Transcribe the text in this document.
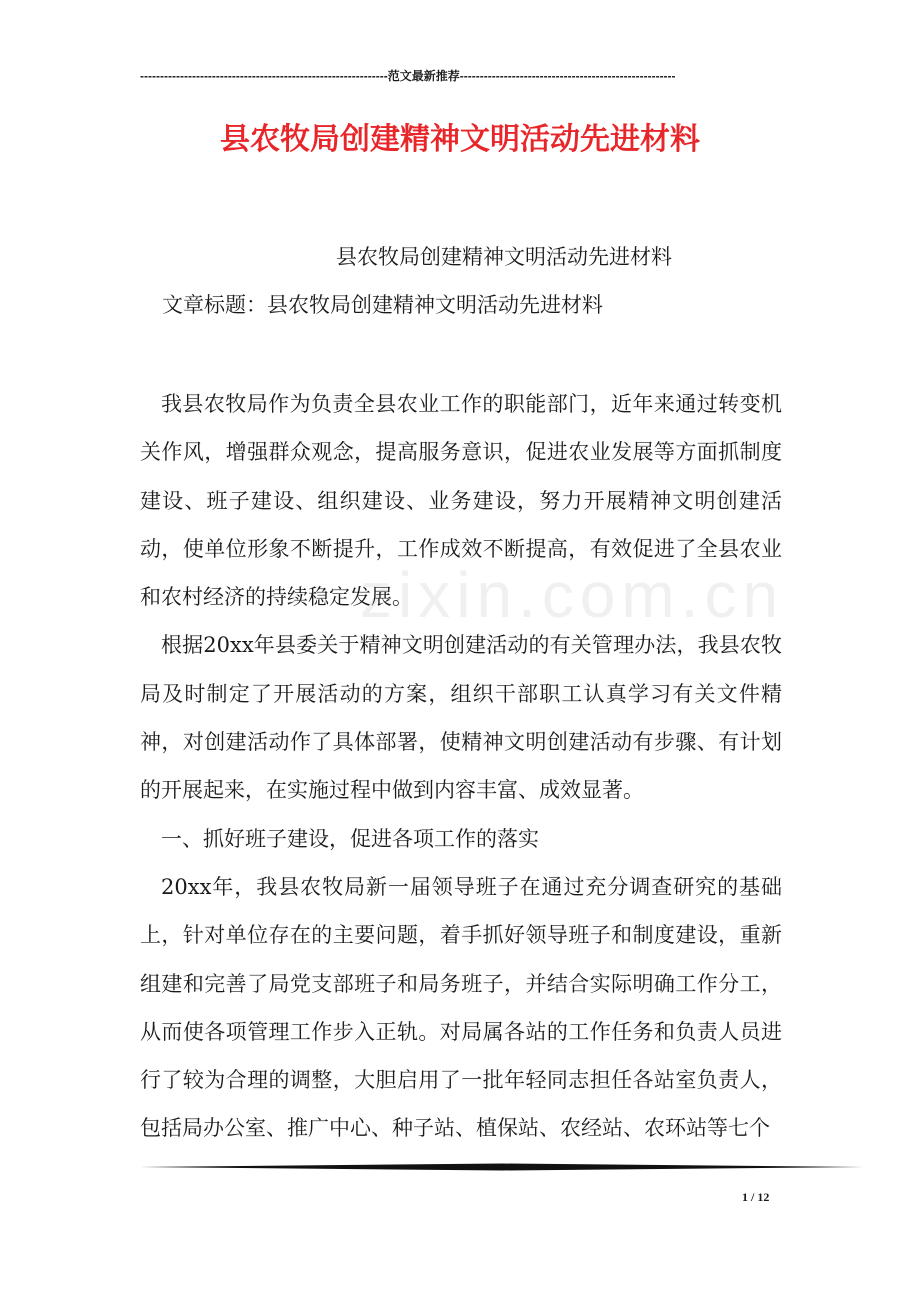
--------------------------------------------------------------范文最新推荐------------------------------------------------------
县农牧局创建精神文明活动先进材料
县农牧局创建精神文明活动先进材料
文章标题：县农牧局创建精神文明活动先进材料
zixin.com.cn

我县农牧局作为负责全县农业工作的职能部门，近年来通过转变机关作风，增强群众观念，提高服务意识，促进农业发展等方面抓制度建设、班子建设、组织建设、业务建设，努力开展精神文明创建活动，使单位形象不断提升，工作成效不断提高，有效促进了全县农业和农村经济的持续稳定发展。

根据20xx年县委关于精神文明创建活动的有关管理办法，我县农牧局及时制定了开展活动的方案，组织干部职工认真学习有关文件精神，对创建活动作了具体部署，使精神文明创建活动有步骤、有计划的开展起来，在实施过程中做到内容丰富、成效显著。

一、抓好班子建设，促进各项工作的落实

20xx年，我县农牧局新一届领导班子在通过充分调查研究的基础上，针对单位存在的主要问题，着手抓好领导班子和制度建设，重新组建和完善了局党支部班子和局务班子，并结合实际明确工作分工，从而使各项管理工作步入正轨。对局属各站的工作任务和负责人员进行了较为合理的调整，大胆启用了一批年轻同志担任各站室负责人，包括局办公室、推广中心、种子站、植保站、农经站、农环站等七个

1 / 12
